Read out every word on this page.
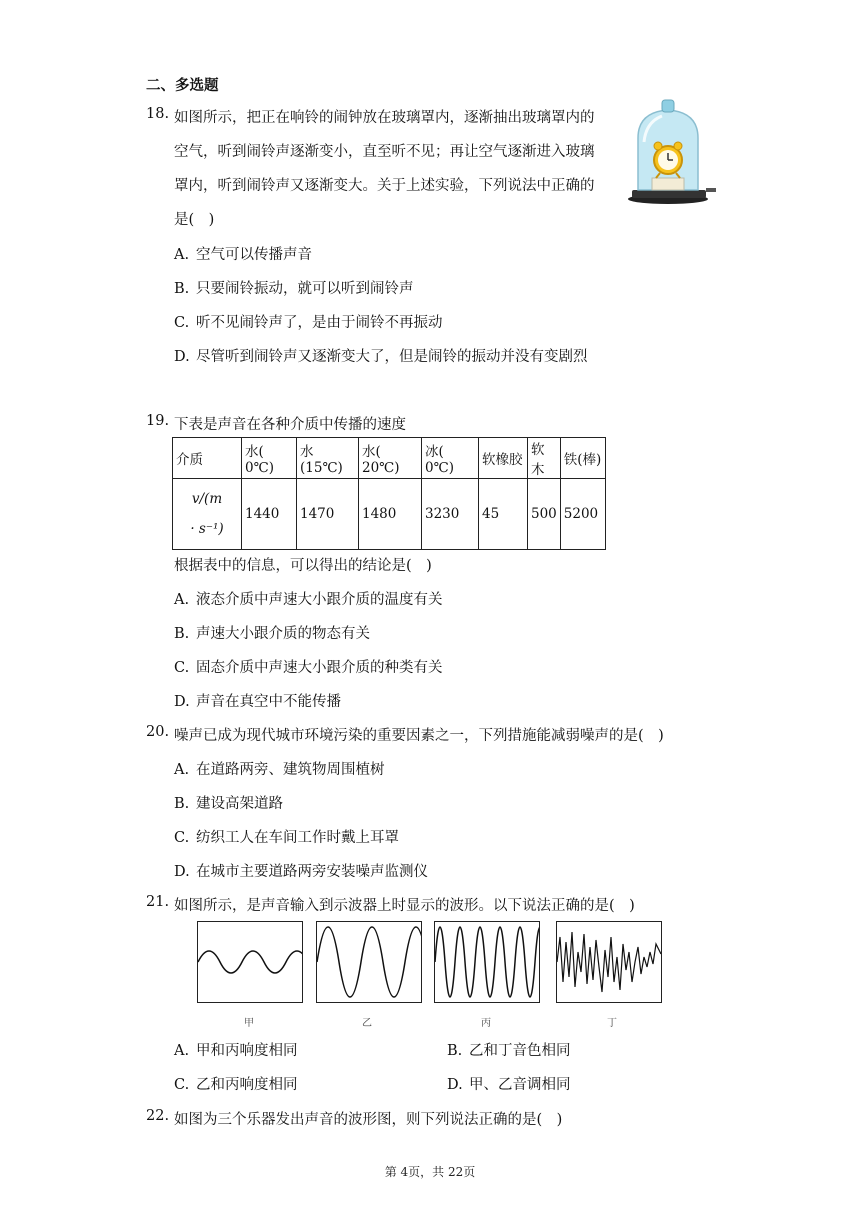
二、多选题
18. 如图所示，把正在响铃的闹钟放在玻璃罩内，逐渐抽出玻璃罩内的
空气，听到闹铃声逐渐变小，直至听不见；再让空气逐渐进入玻璃
罩内，听到闹铃声又逐渐变大。关于上述实验，下列说法中正确的
是(　)
A. 空气可以传播声音
B. 只要闹铃振动，就可以听到闹铃声
C. 听不见闹铃声了，是由于闹铃不再振动
D. 尽管听到闹铃声又逐渐变大了，但是闹铃的振动并没有变剧烈
19. 下表是声音在各种介质中传播的速度
介质	水( 0℃)	水(15℃)	水( 20℃)	冰( 0℃)	软橡胶	软木	铁(棒)

v/(m
· s⁻¹)	1440	1470	1480	3230	45	500	5200
根据表中的信息，可以得出的结论是(　)
A. 液态介质中声速大小跟介质的温度有关
B. 声速大小跟介质的物态有关
C. 固态介质中声速大小跟介质的种类有关
D. 声音在真空中不能传播
20. 噪声已成为现代城市环境污染的重要因素之一，下列措施能减弱噪声的是(　)
A. 在道路两旁、建筑物周围植树
B. 建设高架道路
C. 纺织工人在车间工作时戴上耳罩
D. 在城市主要道路两旁安装噪声监测仪
21. 如图所示，是声音输入到示波器上时显示的波形。以下说法正确的是(　)
甲	乙	丙	丁
A. 甲和丙响度相同	B. 乙和丁音色相同
C. 乙和丙响度相同	D. 甲、乙音调相同
22. 如图为三个乐器发出声音的波形图，则下列说法正确的是(　)
第 4页，共 22页
